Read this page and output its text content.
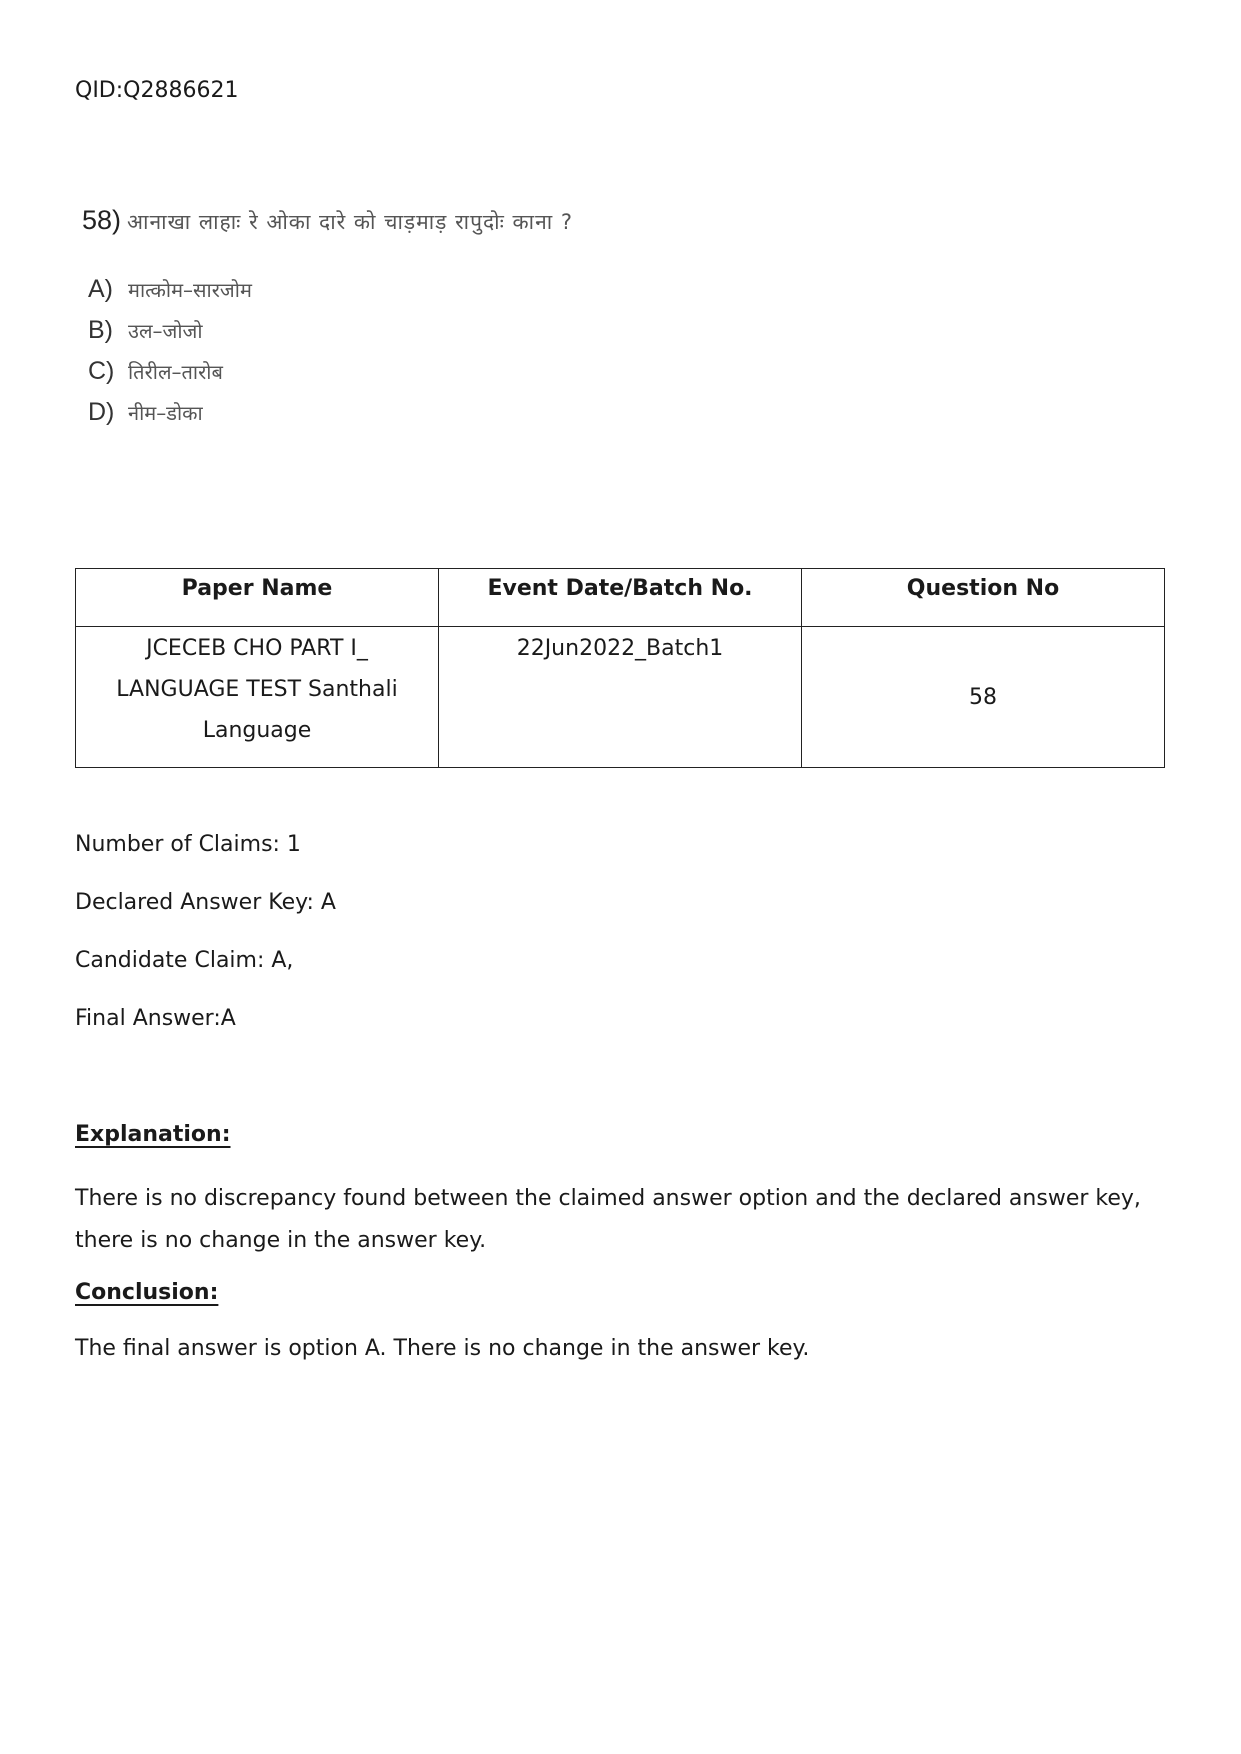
QID:Q2886621
58) आनाखा लाहाः रे ओका दारे को चाड़माड़ रापुदोः काना ?
A) मात्कोम–सारजोम
B) उल–जोजो
C) तिरील–तारोब
D) नीम–डोका
Paper Name	Event Date/Batch No.	Question No

JCECEB CHO PART I_
LANGUAGE TEST Santhali
Language	22Jun2022_Batch1	58
Number of Claims: 1
Declared Answer Key: A
Candidate Claim: A,
Final Answer:A
Explanation:
There is no discrepancy found between the claimed answer option and the declared answer key, there is no change in the answer key.
Conclusion:
The final answer is option A. There is no change in the answer key.
